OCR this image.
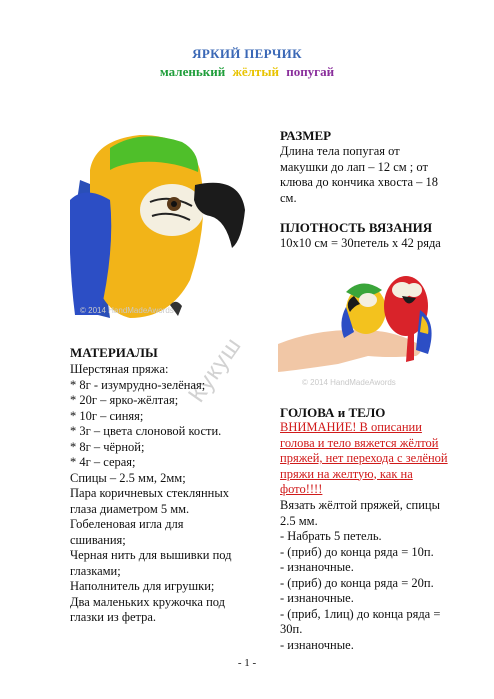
ЯРКИЙ ПЕРЧИК
маленький жёлтый попугай
© 2014 HandMadeAwords
РАЗМЕР
Длина тела попугая от
макушки до лап – 12 см ; от
клюва до кончика хвоста – 18
см.
ПЛОТНОСТЬ ВЯЗАНИЯ
10х10 см = 30петель х 42 ряда
© 2014 HandMadeAwords
Кукуш
МАТЕРИАЛЫ
Шерстяная пряжа:
* 8г - изумрудно-зелёная;
* 20г – ярко-жёлтая;
* 10г – синяя;
* 3г – цвета слоновой кости.
* 8г – чёрной;
* 4г – серая;
Спицы – 2.5 мм, 2мм;
Пара коричневых стеклянных
глаза диаметром 5 мм.
Гобеленовая игла для
сшивания;
Черная нить для вышивки под
глазками;
Наполнитель для игрушки;
Два маленьких кружочка под
глазки из фетра.
ГОЛОВА и ТЕЛО
ВНИМАНИЕ! В описании
голова и тело вяжется жёлтой
пряжей, нет перехода с зелёной
пряжи на желтую, как на
фото!!!!
Вязать жёлтой пряжей, спицы
2.5 мм.
- Набрать 5 петель.
- (приб) до конца ряда = 10п.
- изнаночные.
- (приб) до конца ряда = 20п.
- изнаночные.
- (приб, 1лиц) до конца ряда =
30п.
- изнаночные.
- 1 -
